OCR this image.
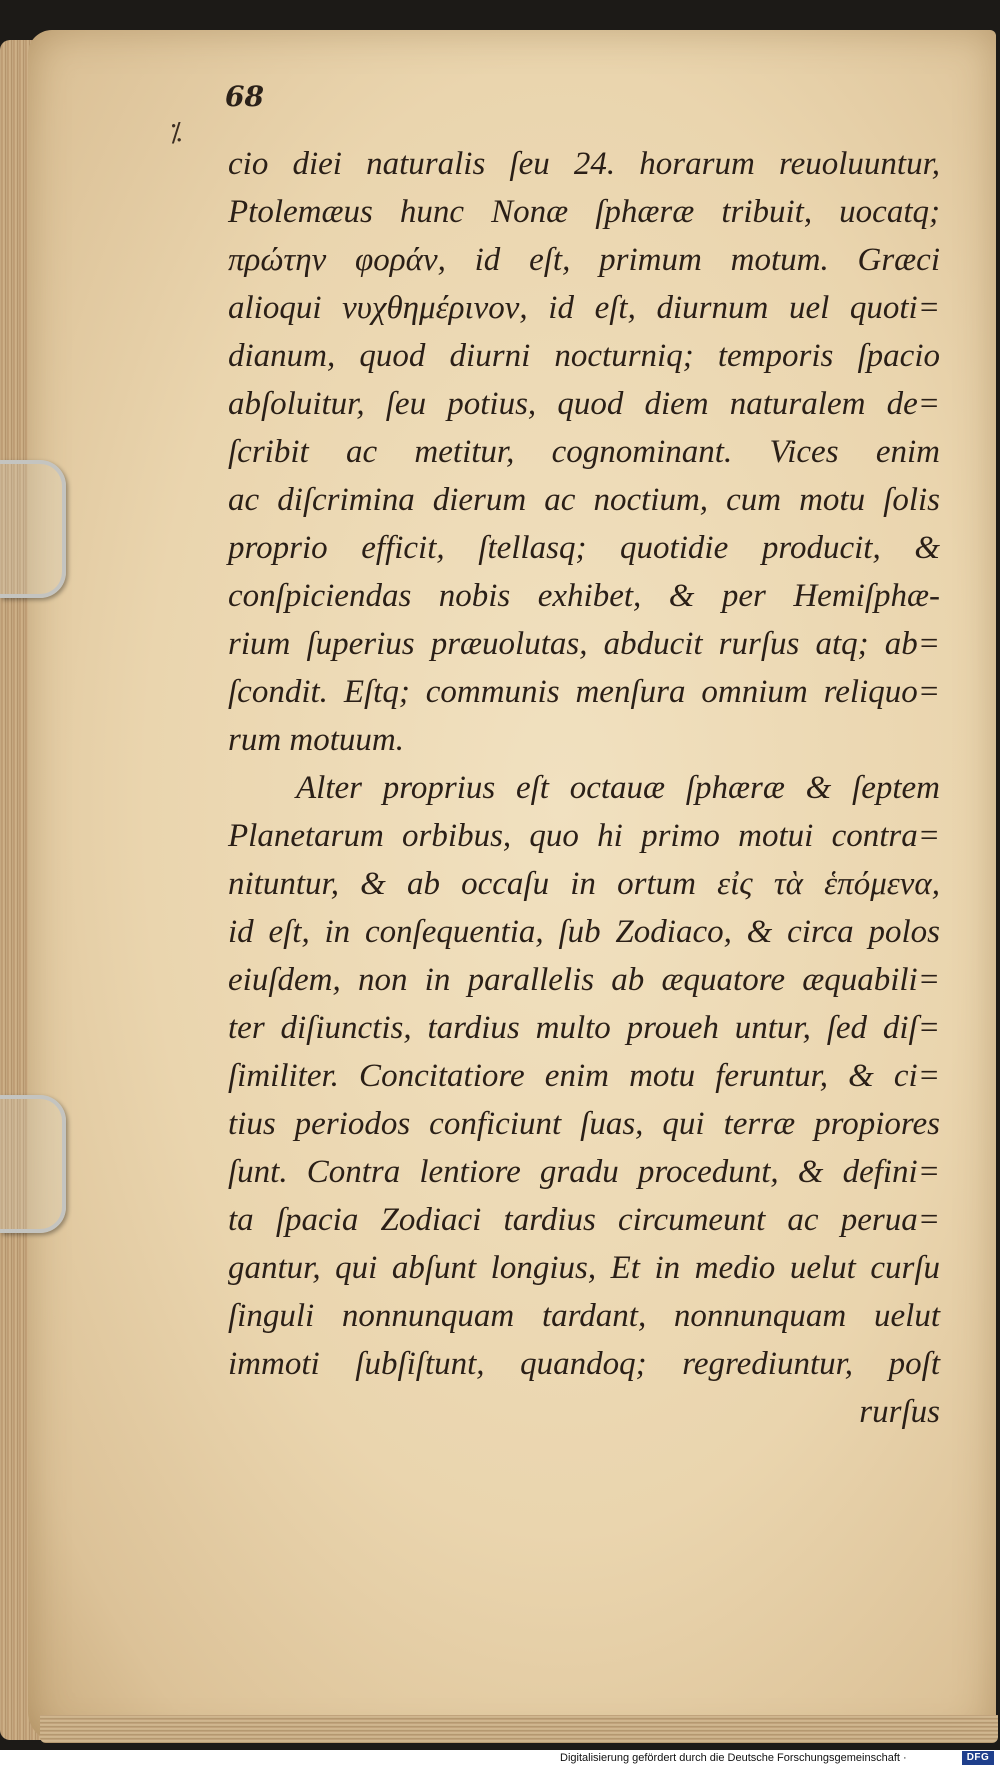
68
⁒
cio diei naturalis ſeu 24. horarum reuoluuntur,
Ptolemæus hunc Nonæ ſphæræ tribuit, uocatq;
πρώτην φοράν, id eſt, primum motum. Græci
alioqui νυχθημέρινον, id eſt, diurnum uel quoti=
dianum, quod diurni nocturniq; temporis ſpacio
abſoluitur, ſeu potius, quod diem naturalem de=
ſcribit ac metitur, cognominant. Vices enim
ac diſcrimina dierum ac noctium, cum motu ſolis
proprio efficit, ſtellasq; quotidie producit, &
conſpiciendas nobis exhibet, & per Hemiſphæ-
rium ſuperius præuolutas, abducit rurſus atq; ab=
ſcondit. Eſtq; communis menſura omnium reliquo=
rum motuum.
Alter proprius eſt octauæ ſphæræ & ſeptem
Planetarum orbibus, quo hi primo motui contra=
nituntur, & ab occaſu in ortum εἰς τὰ ἑπόμενα,
id eſt, in conſequentia, ſub Zodiaco, & circa polos
eiuſdem, non in parallelis ab æquatore æquabili=
ter diſiunctis, tardius multo proueh untur, ſed diſ=
ſimiliter. Concitatiore enim motu feruntur, & ci=
tius periodos conficiunt ſuas, qui terræ propiores
ſunt. Contra lentiore gradu procedunt, & defini=
ta ſpacia Zodiaci tardius circumeunt ac perua=
gantur, qui abſunt longius, Et in medio uelut curſu
ſinguli nonnunquam tardant, nonnunquam uelut
immoti ſubſiſtunt, quandoq; regrediuntur, poſt
rurſus
Digitalisierung gefördert durch die Deutsche Forschungsgemeinschaft ·	DFG
